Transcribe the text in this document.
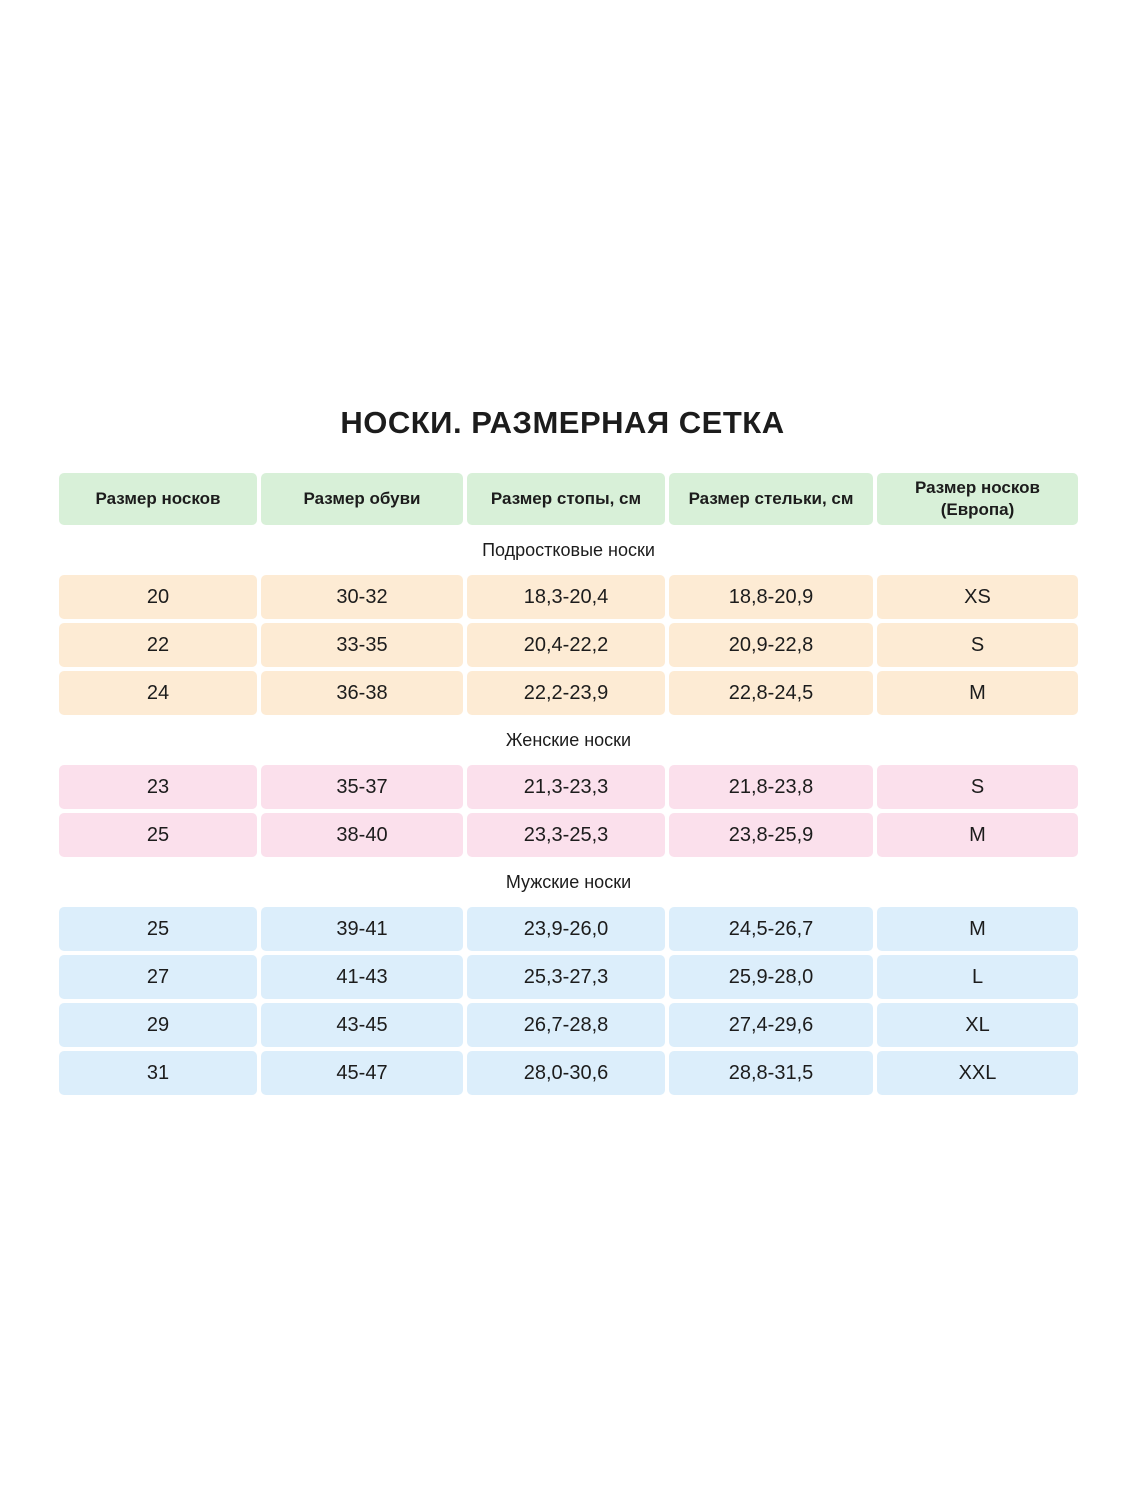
НОСКИ. РАЗМЕРНАЯ СЕТКА
Размер носков	Размер обуви	Размер стопы, см	Размер стельки, см	Размер носков
(Европа)

Подростковые носки				

20	30-32	18,3-20,4	18,8-20,9	XS

22	33-35	20,4-22,2	20,9-22,8	S

24	36-38	22,2-23,9	22,8-24,5	M

Женские носки				

23	35-37	21,3-23,3	21,8-23,8	S

25	38-40	23,3-25,3	23,8-25,9	M

Мужские носки				

25	39-41	23,9-26,0	24,5-26,7	M

27	41-43	25,3-27,3	25,9-28,0	L

29	43-45	26,7-28,8	27,4-29,6	XL

31	45-47	28,0-30,6	28,8-31,5	XXL
